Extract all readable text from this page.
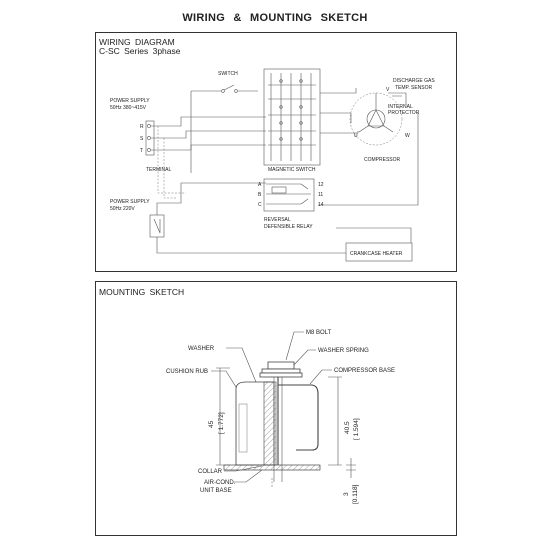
WIRING & MOUNTING SKETCH
WIRING DIAGRAM
C-SC Series 3phase
POWER SUPPLY
50Hz 380~415V
R
S
T
TERMINAL
SWITCH
MAGNETIC SWITCH
DISCHARGE GAS
TEMP. SENSOR
V
U	W
INTERNAL
PROTECTOR
COMPRESSOR
POWER SUPPLY
50Hz 220V
A
B
C
12
11
14
REVERSAL
DEFENSIBLE RELAY
CRANKCASE HEATER
MOUNTING SKETCH
M8 BOLT
WASHER	WASHER SPRING
CUSHION RUB	COMPRESSOR BASE
45 [ 1.772]	40.5 [ 1.594]
3 [0.118]
COLLAR
AIR-COND.
UNIT BASE
